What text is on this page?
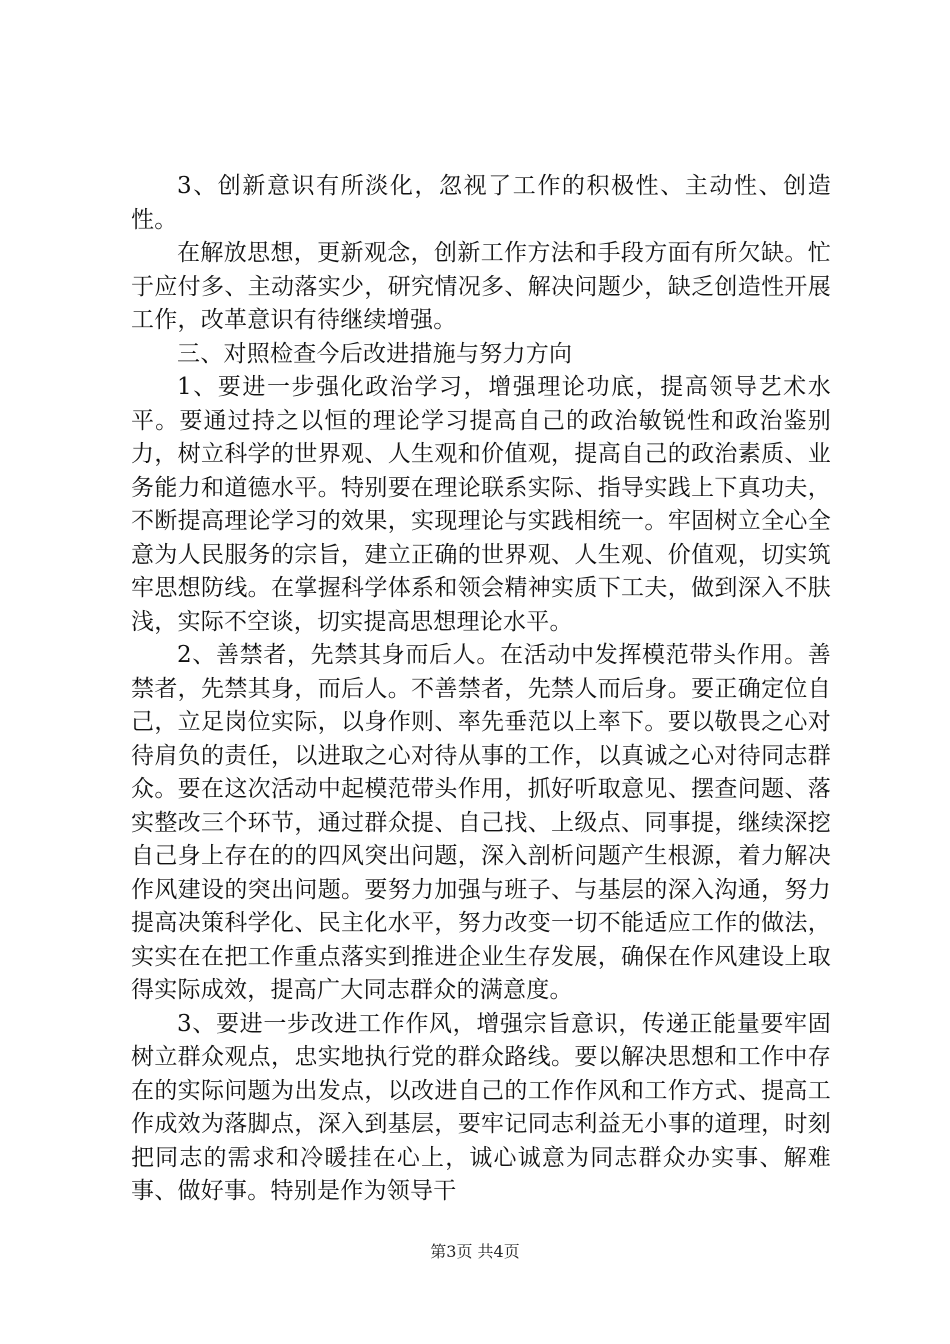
3、创新意识有所淡化，忽视了工作的积极性、主动性、创造性。

在解放思想，更新观念，创新工作方法和手段方面有所欠缺。忙于应付多、主动落实少，研究情况多、解决问题少，缺乏创造性开展工作，改革意识有待继续增强。

三、对照检查今后改进措施与努力方向

1、要进一步强化政治学习，增强理论功底，提高领导艺术水平。要通过持之以恒的理论学习提高自己的政治敏锐性和政治鉴别力，树立科学的世界观、人生观和价值观，提高自己的政治素质、业务能力和道德水平。特别要在理论联系实际、指导实践上下真功夫，不断提高理论学习的效果，实现理论与实践相统一。牢固树立全心全意为人民服务的宗旨，建立正确的世界观、人生观、价值观，切实筑牢思想防线。在掌握科学体系和领会精神实质下工夫，做到深入不肤浅，实际不空谈，切实提高思想理论水平。

2、善禁者，先禁其身而后人。在活动中发挥模范带头作用。善禁者，先禁其身，而后人。不善禁者，先禁人而后身。要正确定位自己，立足岗位实际，以身作则、率先垂范以上率下。要以敬畏之心对待肩负的责任，以进取之心对待从事的工作，以真诚之心对待同志群众。要在这次活动中起模范带头作用，抓好听取意见、摆查问题、落实整改三个环节，通过群众提、自己找、上级点、同事提，继续深挖自己身上存在的的四风突出问题，深入剖析问题产生根源，着力解决作风建设的突出问题。要努力加强与班子、与基层的深入沟通，努力提高决策科学化、民主化水平，努力改变一切不能适应工作的做法，实实在在把工作重点落实到推进企业生存发展，确保在作风建设上取得实际成效，提高广大同志群众的满意度。

3、要进一步改进工作作风，增强宗旨意识，传递正能量要牢固树立群众观点，忠实地执行党的群众路线。要以解决思想和工作中存在的实际问题为出发点，以改进自己的工作作风和工作方式、提高工作成效为落脚点，深入到基层，要牢记同志利益无小事的道理，时刻把同志的需求和冷暖挂在心上，诚心诚意为同志群众办实事、解难事、做好事。特别是作为领导干

第3页 共4页
